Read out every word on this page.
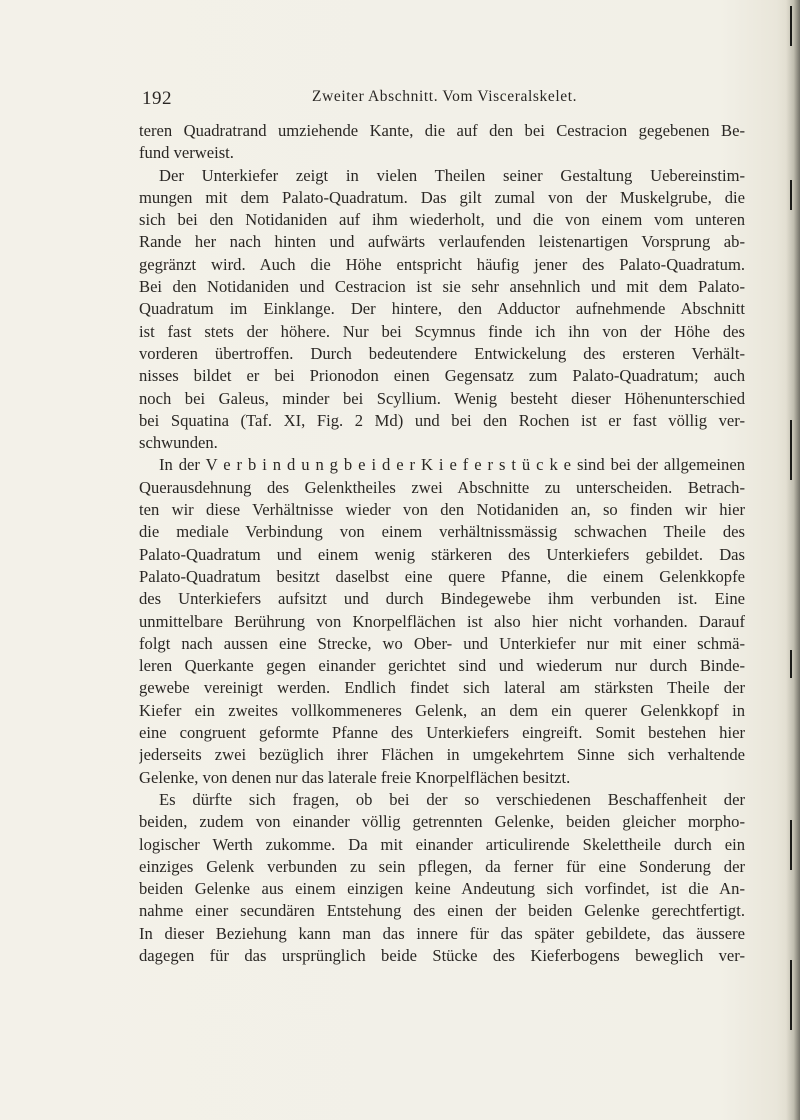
192	Zweiter Abschnitt. Vom Visceralskelet.
teren Quadratrand umziehende Kante, die auf den bei Cestracion gegebenen Be-
fund verweist.
Der Unterkiefer zeigt in vielen Theilen seiner Gestaltung Uebereinstim-
mungen mit dem Palato-Quadratum. Das gilt zumal von der Muskelgrube, die
sich bei den Notidaniden auf ihm wiederholt, und die von einem vom unteren
Rande her nach hinten und aufwärts verlaufenden leistenartigen Vorsprung ab-
gegränzt wird. Auch die Höhe entspricht häufig jener des Palato-Quadratum.
Bei den Notidaniden und Cestracion ist sie sehr ansehnlich und mit dem Palato-
Quadratum im Einklange. Der hintere, den Adductor aufnehmende Abschnitt
ist fast stets der höhere. Nur bei Scymnus finde ich ihn von der Höhe des
vorderen übertroffen. Durch bedeutendere Entwickelung des ersteren Verhält-
nisses bildet er bei Prionodon einen Gegensatz zum Palato-Quadratum; auch
noch bei Galeus, minder bei Scyllium. Wenig besteht dieser Höhenunterschied
bei Squatina (Taf. XI, Fig. 2 Md) und bei den Rochen ist er fast völlig ver-
schwunden.
In der V e r b i n d u n g b e i d e r K i e f e r s t ü c k e sind bei der allgemeinen
Querausdehnung des Gelenktheiles zwei Abschnitte zu unterscheiden. Betrach-
ten wir diese Verhältnisse wieder von den Notidaniden an, so finden wir hier
die mediale Verbindung von einem verhältnissmässig schwachen Theile des
Palato-Quadratum und einem wenig stärkeren des Unterkiefers gebildet. Das
Palato-Quadratum besitzt daselbst eine quere Pfanne, die einem Gelenkkopfe
des Unterkiefers aufsitzt und durch Bindegewebe ihm verbunden ist. Eine
unmittelbare Berührung von Knorpelflächen ist also hier nicht vorhanden. Darauf
folgt nach aussen eine Strecke, wo Ober- und Unterkiefer nur mit einer schmä-
leren Querkante gegen einander gerichtet sind und wiederum nur durch Binde-
gewebe vereinigt werden. Endlich findet sich lateral am stärksten Theile der
Kiefer ein zweites vollkommeneres Gelenk, an dem ein querer Gelenkkopf in
eine congruent geformte Pfanne des Unterkiefers eingreift. Somit bestehen hier
jederseits zwei bezüglich ihrer Flächen in umgekehrtem Sinne sich verhaltende
Gelenke, von denen nur das laterale freie Knorpelflächen besitzt.
Es dürfte sich fragen, ob bei der so verschiedenen Beschaffenheit der
beiden, zudem von einander völlig getrennten Gelenke, beiden gleicher morpho-
logischer Werth zukomme. Da mit einander articulirende Skelettheile durch ein
einziges Gelenk verbunden zu sein pflegen, da ferner für eine Sonderung der
beiden Gelenke aus einem einzigen keine Andeutung sich vorfindet, ist die An-
nahme einer secundären Entstehung des einen der beiden Gelenke gerechtfertigt.
In dieser Beziehung kann man das innere für das später gebildete, das äussere
dagegen für das ursprünglich beide Stücke des Kieferbogens beweglich ver-
